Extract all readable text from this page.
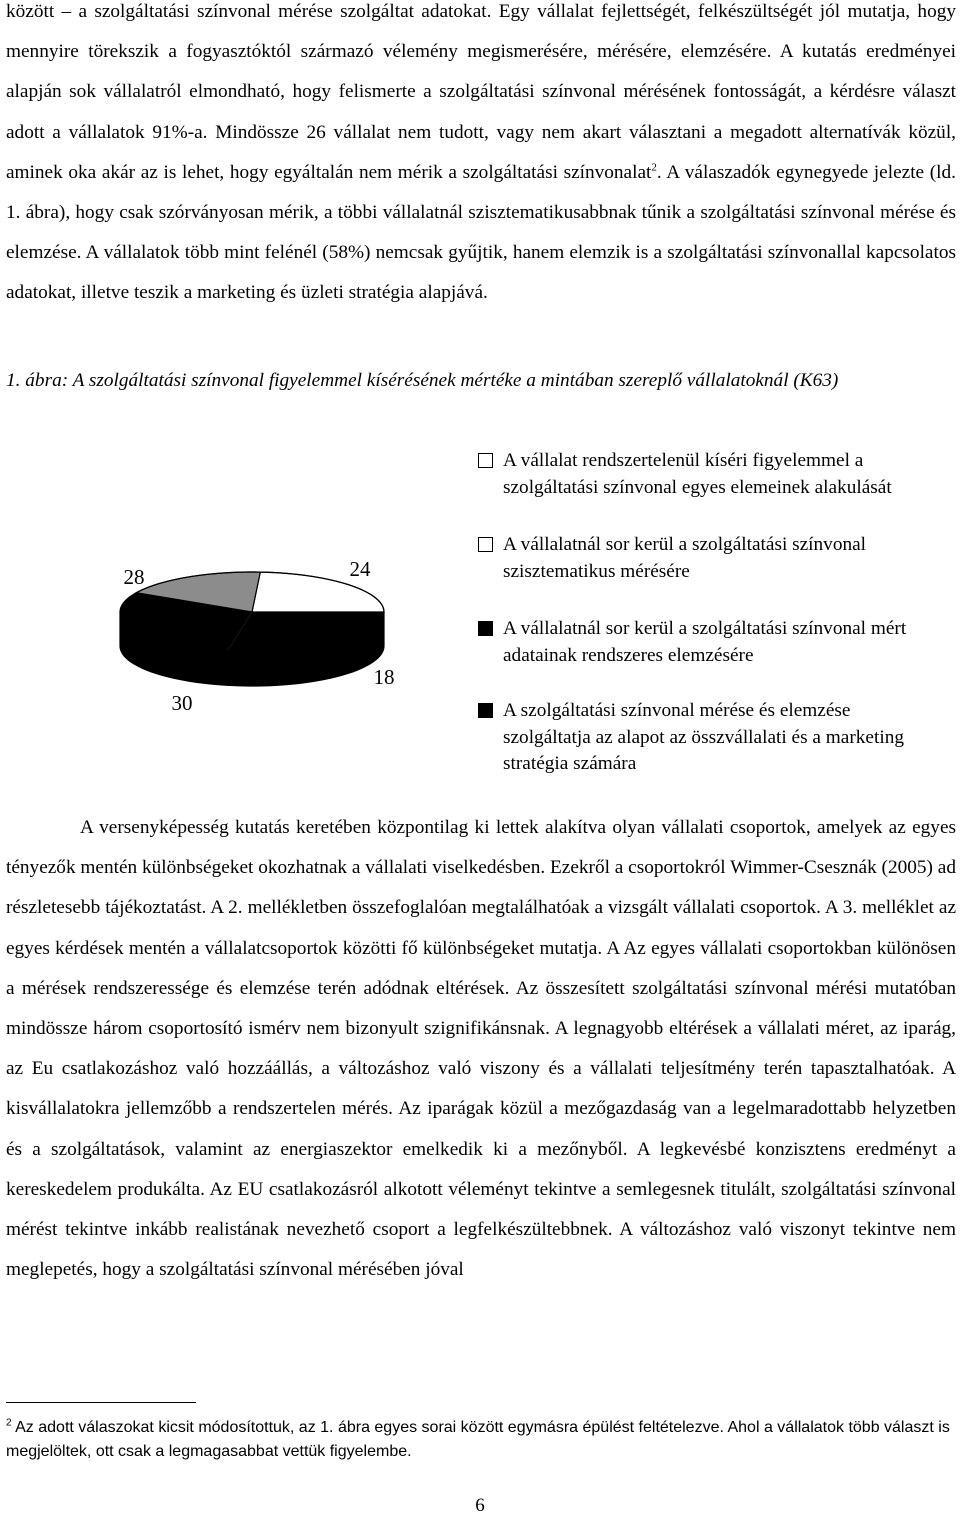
között – a szolgáltatási színvonal mérése szolgáltat adatokat. Egy vállalat fejlettségét, felkészültségét jól mutatja, hogy mennyire törekszik a fogyasztóktól származó vélemény megismerésére, mérésére, elemzésére. A kutatás eredményei alapján sok vállalatról elmondható, hogy felismerte a szolgáltatási színvonal mérésének fontosságát, a kérdésre választ adott a vállalatok 91%-a. Mindössze 26 vállalat nem tudott, vagy nem akart választani a megadott alternatívák közül, aminek oka akár az is lehet, hogy egyáltalán nem mérik a szolgáltatási színvonalat$^2$. A válaszadók egynegyede jelezte (ld. 1. ábra), hogy csak szórványosan mérik, a többi vállalatnál szisztematikusabbnak tűnik a szolgáltatási színvonal mérése és elemzése. A vállalatok több mint felénél (58%) nemcsak gyűjtik, hanem elemzik is a szolgáltatási színvonallal kapcsolatos adatokat, illetve teszik a marketing és üzleti stratégia alapjává.

1. ábra: A szolgáltatási színvonal figyelemmel kísérésének mértéke a mintában szereplő vállalatoknál (K63)

24
18
30
28
A vállalat rendszertelenül kíséri figyelemmel a szolgáltatási színvonal egyes elemeinek alakulását
A vállalatnál sor kerül a szolgáltatási színvonal szisztematikus mérésére
A vállalatnál sor kerül a szolgáltatási színvonal mért adatainak rendszeres elemzésére
A szolgáltatási színvonal mérése és elemzése szolgáltatja az alapot az összvállalati és a marketing stratégia számára

A versenyképesség kutatás keretében központilag ki lettek alakítva olyan vállalati csoportok, amelyek az egyes tényezők mentén különbségeket okozhatnak a vállalati viselkedésben. Ezekről a csoportokról Wimmer-Csesznák (2005) ad részletesebb tájékoztatást. A 2. mellékletben összefoglalóan megtalálhatóak a vizsgált vállalati csoportok. A 3. melléklet az egyes kérdések mentén a vállalatcsoportok közötti fő különbségeket mutatja. A Az egyes vállalati csoportokban különösen a mérések rendszeressége és elemzése terén adódnak eltérések. Az összesített szolgáltatási színvonal mérési mutatóban mindössze három csoportosító ismérv nem bizonyult szignifikánsnak. A legnagyobb eltérések a vállalati méret, az iparág, az Eu csatlakozáshoz való hozzáállás, a változáshoz való viszony és a vállalati teljesítmény terén tapasztalhatóak. A kisvállalatokra jellemzőbb a rendszertelen mérés. Az iparágak közül a mezőgazdaság van a legelmaradottabb helyzetben és a szolgáltatások, valamint az energiaszektor emelkedik ki a mezőnyből. A legkevésbé konzisztens eredményt a kereskedelem produkálta. Az EU csatlakozásról alkotott véleményt tekintve a semlegesnek titulált, szolgáltatási színvonal mérést tekintve inkább realistának nevezhető csoport a legfelkészültebbnek. A változáshoz való viszonyt tekintve nem meglepetés, hogy a szolgáltatási színvonal mérésében jóval

$^2$ Az adott válaszokat kicsit módosítottuk, az 1. ábra egyes sorai között egymásra épülést feltételezve. Ahol a vállalatok több választ is megjelöltek, ott csak a legmagasabbat vettük figyelembe.

6
